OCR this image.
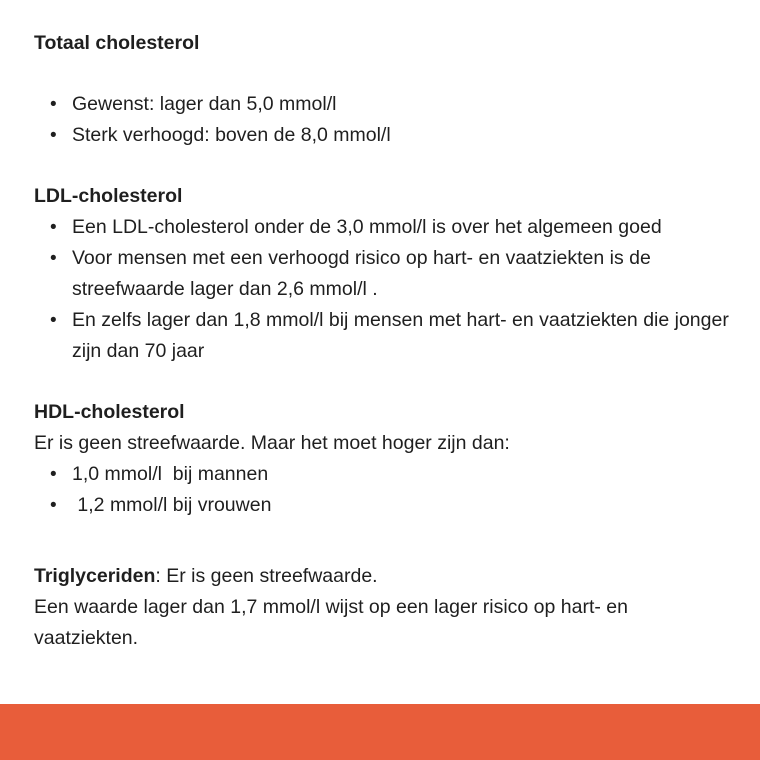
Totaal cholesterol

• Gewenst: lager dan 5,0 mmol/l
• Sterk verhoogd: boven de 8,0 mmol/l

LDL-cholesterol

• Een LDL-cholesterol onder de 3,0 mmol/l is over het algemeen goed
• Voor mensen met een verhoogd risico op hart- en vaatziekten is de streefwaarde lager dan 2,6 mmol/l .
• En zelfs lager dan 1,8 mmol/l bij mensen met hart- en vaatziekten die jonger zijn dan 70 jaar

HDL-cholesterol

Er is geen streefwaarde. Maar het moet hoger zijn dan:

• 1,0 mmol/l  bij mannen
• 1,2 mmol/l bij vrouwen

Triglyceriden: Er is geen streefwaarde.

Een waarde lager dan 1,7 mmol/l wijst op een lager risico op hart- en vaatziekten.
